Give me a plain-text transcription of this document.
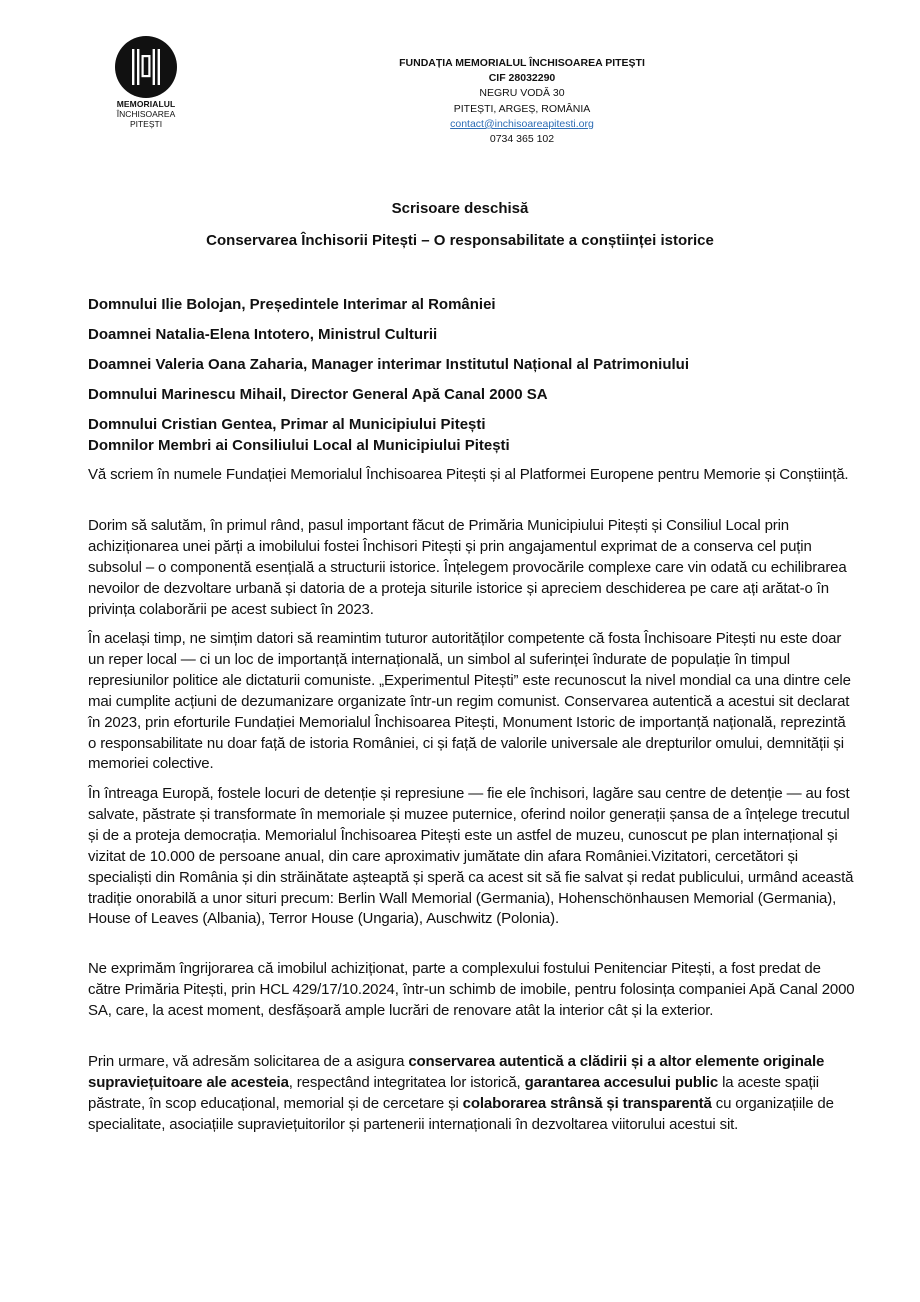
MEMORIALUL
ÎNCHISOAREA PITEȘTI
FUNDAȚIA MEMORIALUL ÎNCHISOAREA PITEȘTI
CIF 28032290
NEGRU VODĂ 30
PITEȘTI, ARGEȘ, ROMÂNIA
contact@inchisoareapitesti.org
0734 365 102
Scrisoare deschisă
Conservarea Închisorii Pitești – O responsabilitate a conștiinței istorice
Domnului Ilie Bolojan, Președintele Interimar al României
Doamnei Natalia-Elena Intotero, Ministrul Culturii
Doamnei Valeria Oana Zaharia, Manager interimar Institutul Național al Patrimoniului
Domnului Marinescu Mihail, Director General Apă Canal 2000 SA
Domnului Cristian Gentea, Primar al Municipiului Pitești
Domnilor Membri ai Consiliului Local al Municipiului Pitești
Vă scriem în numele Fundației Memorialul Închisoarea Pitești și al Platformei Europene pentru Memorie și Conștiință.
Dorim să salutăm, în primul rând, pasul important făcut de Primăria Municipiului Pitești și Consiliul Local prin achiziționarea unei părți a imobilului fostei Închisori Pitești și prin angajamentul exprimat de a conserva cel puțin subsolul – o componentă esențială a structurii istorice. Înțelegem provocările complexe care vin odată cu echilibrarea nevoilor de dezvoltare urbană și datoria de a proteja siturile istorice și apreciem deschiderea pe care ați arătat-o în privința colaborării pe acest subiect în 2023.
În același timp, ne simțim datori să reamintim tuturor autorităților competente că fosta Închisoare Pitești nu este doar un reper local — ci un loc de importanță internațională, un simbol al suferinței îndurate de populație în timpul represiunilor politice ale dictaturii comuniste. „Experimentul Pitești” este recunoscut la nivel mondial ca una dintre cele mai cumplite acțiuni de dezumanizare organizate într-un regim comunist. Conservarea autentică a acestui sit declarat în 2023, prin eforturile Fundației Memorialul Închisoarea Pitești, Monument Istoric de importanță națională, reprezintă o responsabilitate nu doar față de istoria României, ci și față de valorile universale ale drepturilor omului, demnității și memoriei colective.
În întreaga Europă, fostele locuri de detenție și represiune — fie ele închisori, lagăre sau centre de detenție — au fost salvate, păstrate și transformate în memoriale și muzee puternice, oferind noilor generații șansa de a înțelege trecutul și de a proteja democrația. Memorialul Închisoarea Pitești este un astfel de muzeu, cunoscut pe plan internațional și vizitat de 10.000 de persoane anual, din care aproximativ jumătate din afara României.Vizitatori, cercetători și specialiști din România și din străinătate așteaptă și speră ca acest sit să fie salvat și redat publicului, urmând această tradiție onorabilă a unor situri precum: Berlin Wall Memorial (Germania), Hohenschönhausen Memorial (Germania), House of Leaves (Albania), Terror House (Ungaria), Auschwitz (Polonia).
Ne exprimăm îngrijorarea că imobilul achiziționat, parte a complexului fostului Penitenciar Pitești, a fost predat de către Primăria Pitești, prin HCL 429/17/10.2024, într-un schimb de imobile, pentru folosința companiei Apă Canal 2000 SA, care, la acest moment, desfășoară ample lucrări de renovare atât la interior cât și la exterior.
Prin urmare, vă adresăm solicitarea de a asigura conservarea autentică a clădirii și a altor elemente originale supraviețuitoare ale acesteia, respectând integritatea lor istorică, garantarea accesului public la aceste spații păstrate, în scop educațional, memorial și de cercetare și colaborarea strânsă și transparentă cu organizațiile de specialitate, asociațiile supraviețuitorilor și partenerii internaționali în dezvoltarea viitorului acestui sit.
